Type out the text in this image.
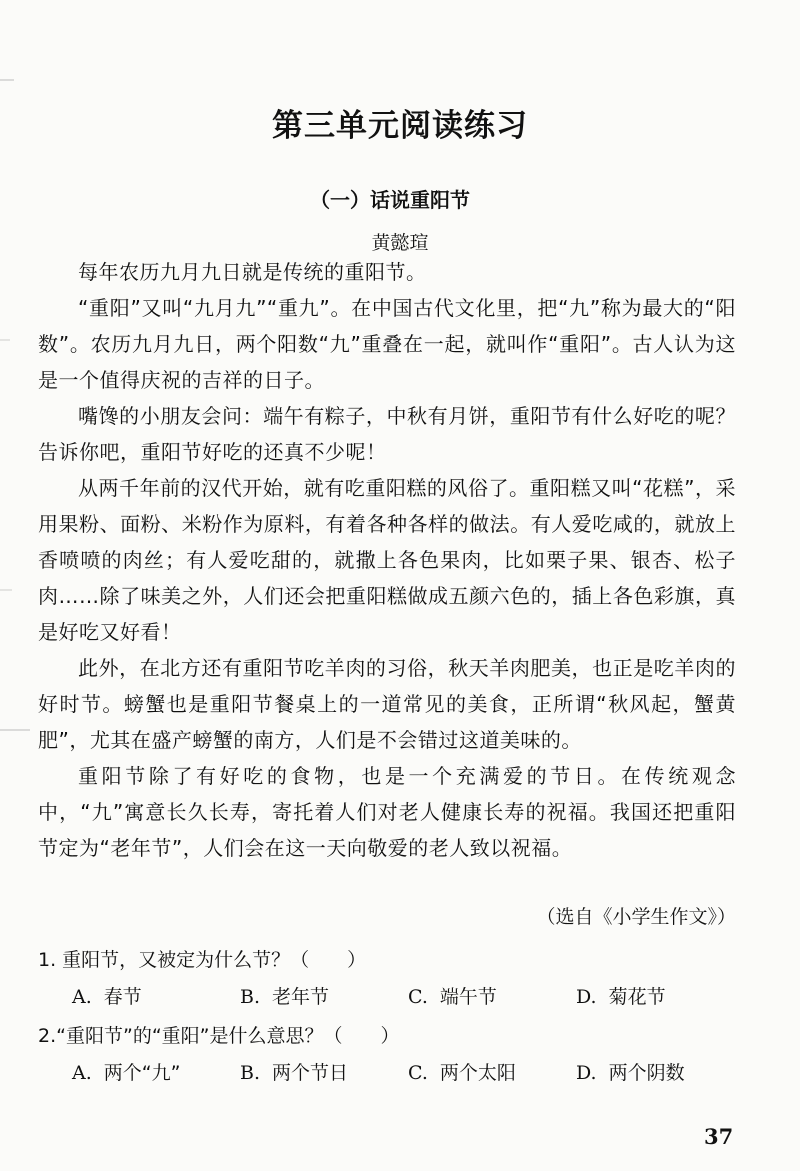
第三单元阅读练习
（一）话说重阳节
黄懿瑄

每年农历九月九日就是传统的重阳节。

“重阳”又叫“九月九”“重九”。在中国古代文化里，把“九”称为最大的“阳数”。农历九月九日，两个阳数“九”重叠在一起，就叫作“重阳”。古人认为这是一个值得庆祝的吉祥的日子。

嘴馋的小朋友会问：端午有粽子，中秋有月饼，重阳节有什么好吃的呢？告诉你吧，重阳节好吃的还真不少呢！

从两千年前的汉代开始，就有吃重阳糕的风俗了。重阳糕又叫“花糕”，采用果粉、面粉、米粉作为原料，有着各种各样的做法。有人爱吃咸的，就放上香喷喷的肉丝；有人爱吃甜的，就撒上各色果肉，比如栗子果、银杏、松子肉……除了味美之外，人们还会把重阳糕做成五颜六色的，插上各色彩旗，真是好吃又好看！

此外，在北方还有重阳节吃羊肉的习俗，秋天羊肉肥美，也正是吃羊肉的好时节。螃蟹也是重阳节餐桌上的一道常见的美食，正所谓“秋风起，蟹黄肥”，尤其在盛产螃蟹的南方，人们是不会错过这道美味的。

重阳节除了有好吃的食物，也是一个充满爱的节日。在传统观念中，“九”寓意长久长寿，寄托着人们对老人健康长寿的祝福。我国还把重阳节定为“老年节”，人们会在这一天向敬爱的老人致以祝福。

（选自《小学生作文》）
1. 重阳节，又被定为什么节？（　　）
A. 春节	B. 老年节	C. 端午节	D. 菊花节
2.“重阳节”的“重阳”是什么意思？（　　）
A. 两个“九”	B. 两个节日	C. 两个太阳	D. 两个阴数
37
